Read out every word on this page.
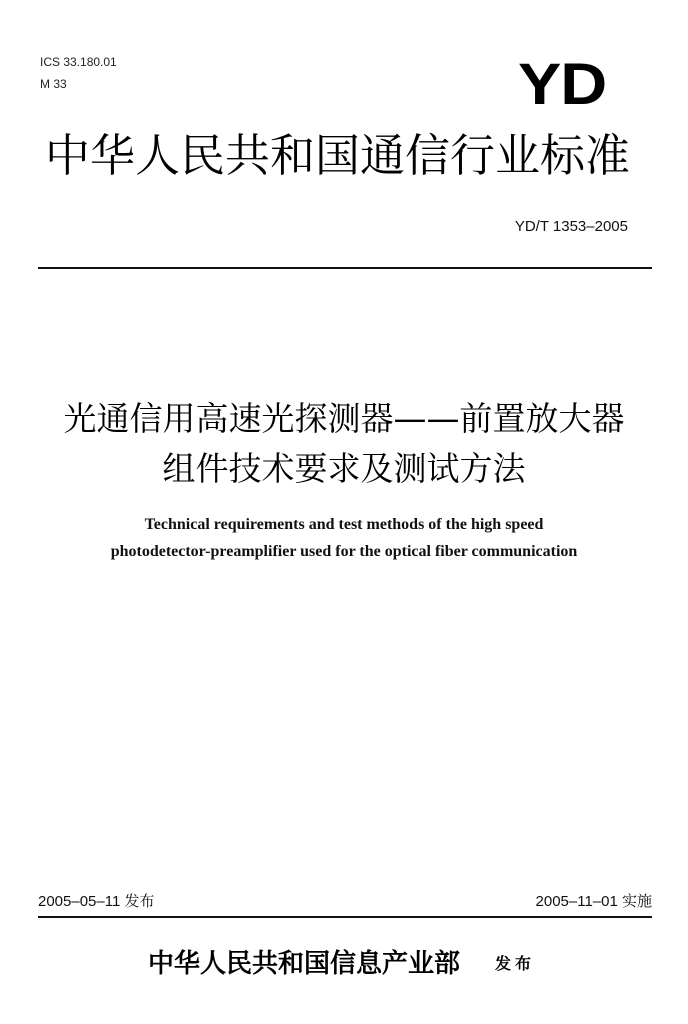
ICS 33.180.01
M 33	YD
中华人民共和国通信行业标准
YD/T 1353–2005
光通信用高速光探测器——前置放大器
组件技术要求及测试方法
Technical requirements and test methods of the high speed
photodetector-preamplifier used for the optical fiber communication
2005–05–11 发布	2005–11–01 实施
中华人民共和国信息产业部 发 布
